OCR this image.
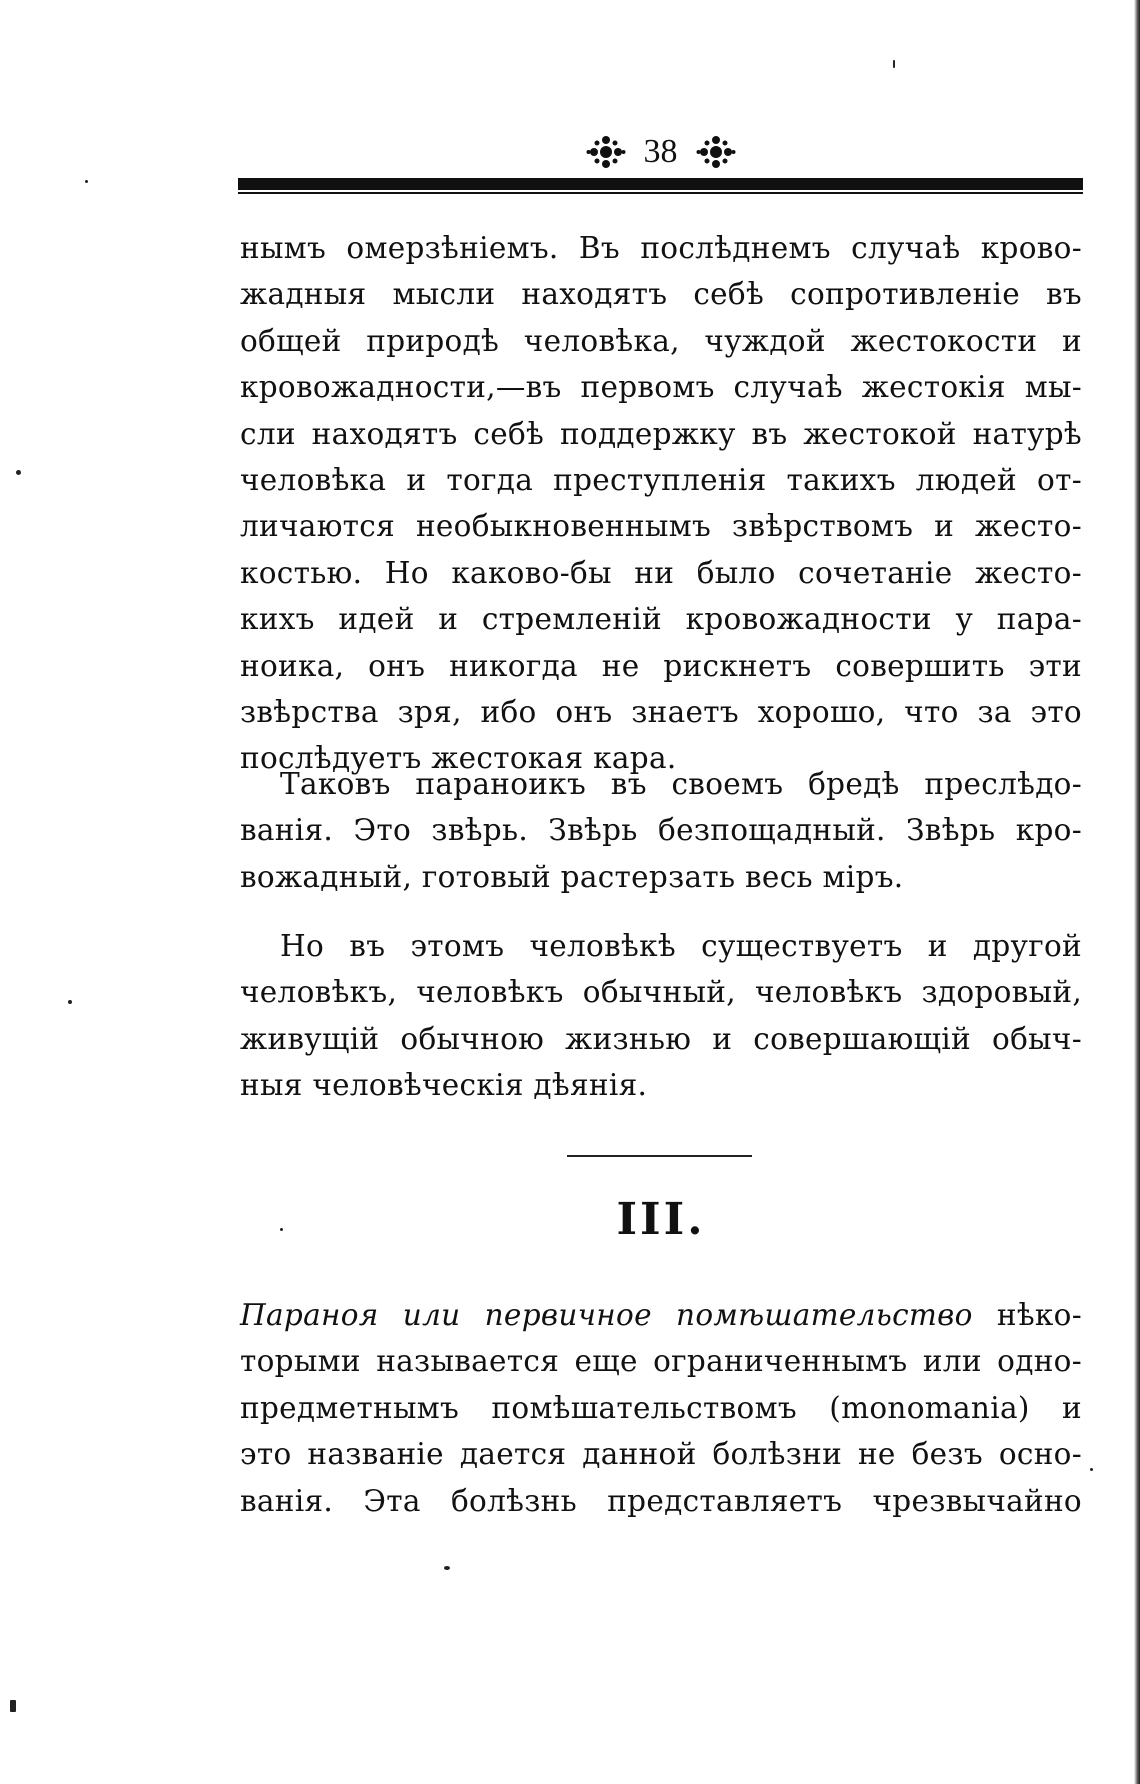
38
нымъ омерзѣніемъ. Въ послѣднемъ случаѣ крово-
жадныя мысли находятъ себѣ сопротивленіе въ
общей природѣ человѣка, чуждой жестокости и
кровожадности,—въ первомъ случаѣ жестокія мы-
сли находятъ себѣ поддержку въ жестокой натурѣ
человѣка и тогда преступленія такихъ людей от-
личаются необыкновеннымъ звѣрствомъ и жесто-
костью. Но каково-бы ни было сочетаніе жесто-
кихъ идей и стремленій кровожадности у пара-
ноика, онъ никогда не рискнетъ совершить эти
звѣрства зря, ибо онъ знаетъ хорошо, что за это
послѣдуетъ жестокая кара.
Таковъ параноикъ въ своемъ бредѣ преслѣдо-
ванія. Это звѣрь. Звѣрь безпощадный. Звѣрь кро-
вожадный, готовый растерзать весь міръ.
Но въ этомъ человѣкѣ существуетъ и другой
человѣкъ, человѣкъ обычный, человѣкъ здоровый,
живущій обычною жизнью и совершающій обыч-
ныя человѣческія дѣянія.
III.
Параноя или первичное помѣшательство нѣко-
торыми называется еще ограниченнымъ или одно-
предметнымъ помѣшательствомъ (monomania) и
это названіе дается данной болѣзни не безъ осно-
ванія. Эта болѣзнь представляетъ чрезвычайно
